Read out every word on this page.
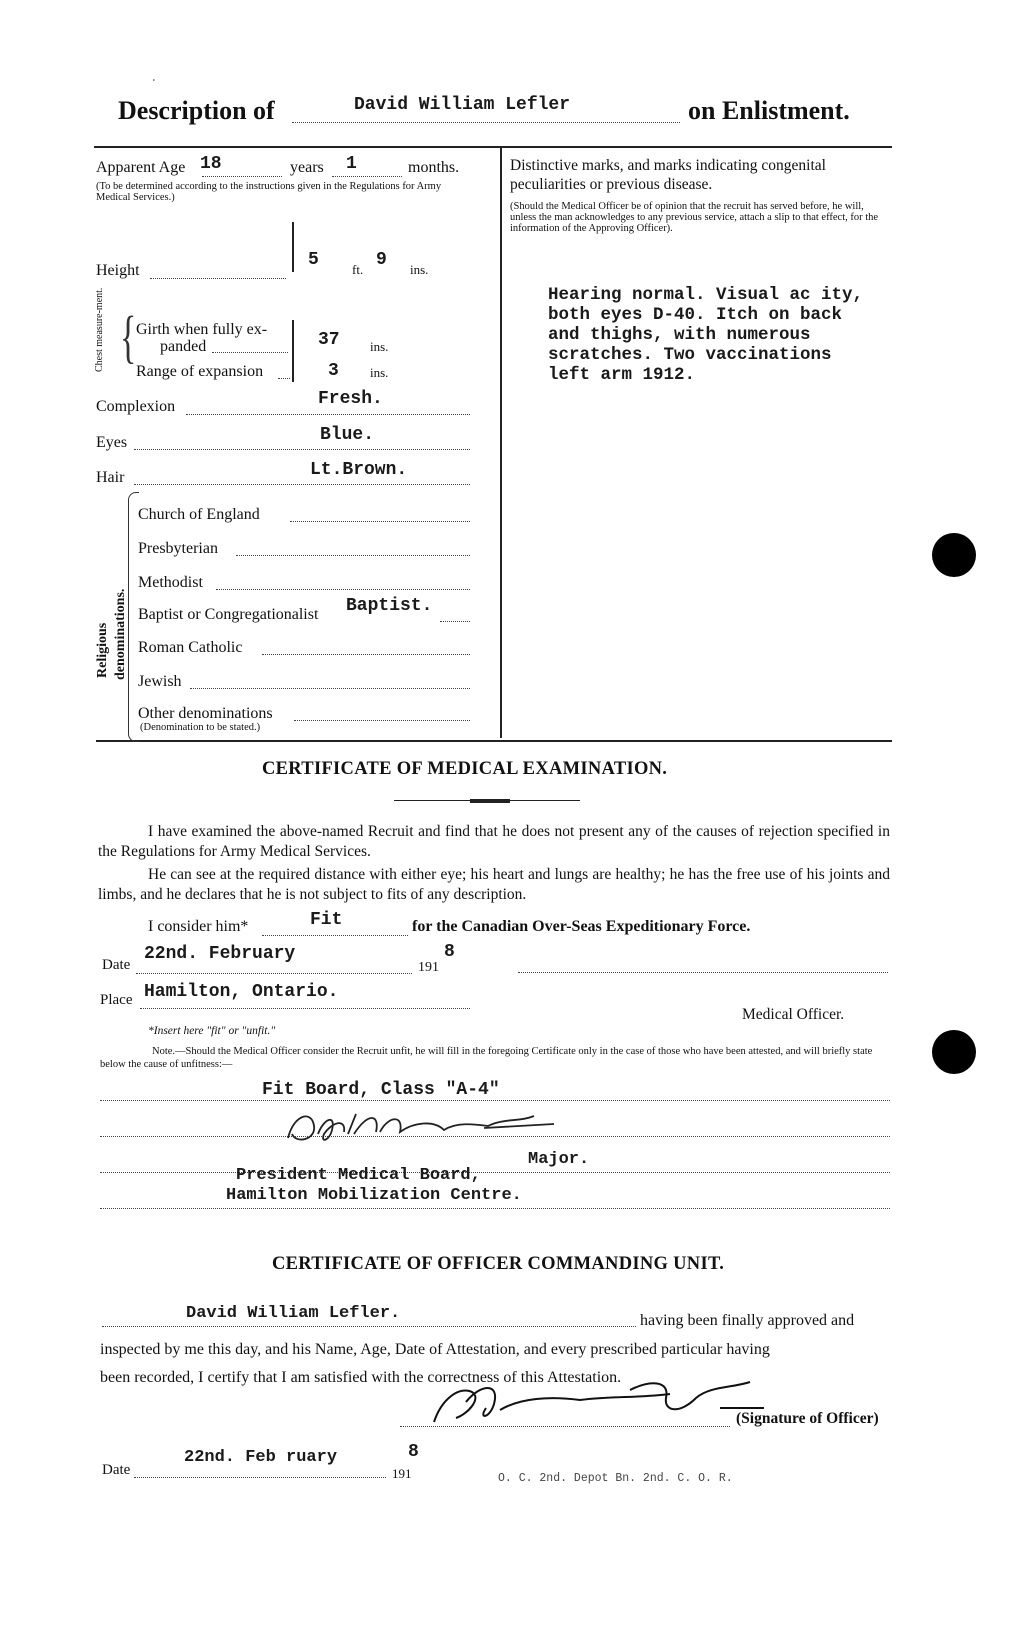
٠
Description of	David William Lefler	on Enlistment.
Apparent Age 18	years 1	months.
(To be determined according to the instructions given in the Regulations for Army Medical Services.)
Height
5	ft. 9 ins.
Chest measure-ment. { Girth when fully ex-
panded	37 ins.
Range of expansion	3 ins.
Complexion	Fresh.
Eyes	Blue.
Hair	Lt.Brown.
Religious denominations.
Church of England
Presbyterian
Methodist
Baptist or Congregationalist Baptist.
Roman Catholic
Jewish
Other denominations
(Denomination to be stated.)
Distinctive marks, and marks indicating congenital peculiarities or previous disease.
(Should the Medical Officer be of opinion that the recruit has served before, he will, unless the man acknowledges to any previous service, attach a slip to that effect, for the information of the Approving Officer).
Hearing normal. Visual ac ity,
both eyes D-40. Itch on back
and thighs, with numerous
scratches. Two vaccinations
left arm 1912.
CERTIFICATE OF MEDICAL EXAMINATION.
I have examined the above-named Recruit and find that he does not present any of the causes of rejection specified in the Regulations for Army Medical Services.
He can see at the required distance with either eye; his heart and lungs are healthy; he has the free use of his joints and limbs, and he declares that he is not subject to fits of any description.
I consider him*	Fit	for the Canadian Over-Seas Expeditionary Force.
Date
22nd. February
191
8
Place Hamilton, Ontario.
Medical Officer.
*Insert here "fit" or "unfit."
Note.—Should the Medical Officer consider the Recruit unfit, he will fill in the foregoing Certificate only in the case of those who have been attested, and will briefly state below the cause of unfitness:—
Fit Board, Class "A-4"
Major.
President Medical Board,
Hamilton Mobilization Centre.
CERTIFICATE OF OFFICER COMMANDING UNIT.
David William Lefler.	having been finally approved and
inspected by me this day, and his Name, Age, Date of Attestation, and every prescribed particular having
been recorded, I certify that I am satisfied with the correctness of this Attestation.
(Signature of Officer)
Date
22nd. Feb ruary
191
8
O. C. 2nd. Depot Bn. 2nd. C. O. R.
